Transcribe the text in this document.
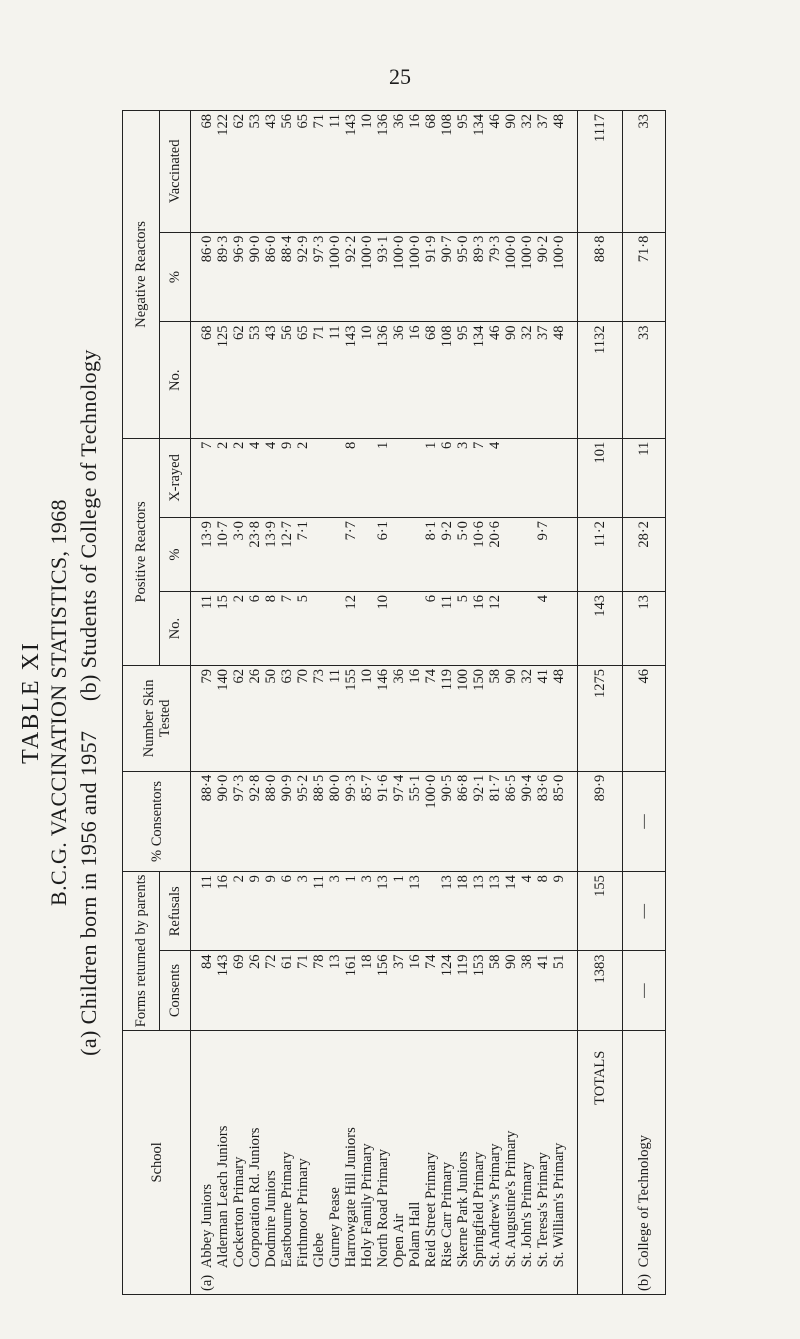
25
TABLE XI B.C.G. VACCINATION STATISTICS, 1968 (a) Children born in 1956 and 1957     (b) Students of College of Technology
School	Forms returned by parents		% Consentors	Number Skin Tested	Positive Reactors			Negative Reactors		
	Consents	Refusals			No.	%	X-rayed	No.	%	Vaccinated
(a) Abbey Juniors	84	11	88·4	79	11	13·9	7	68	86·0	68
Alderman Leach Juniors	143	16	90·0	140	15	10·7	2	125	89·3	122
Cockerton Primary	69	2	97·3	62	2	3·0	2	62	96·9	62
Corporation Rd. Juniors	26	9	92·8	26	6	23·8	4	53	90·0	53
Dodmire Juniors	72	9	88·0	50	8	13·9	4	43	86·0	43
Eastbourne Primary	61	6	90·9	63	7	12·7	9	56	88·4	56
Firthmoor Primary	71	3	95·2	70	5	7·1	2	65	92·9	65
Glebe	78	11	88·5	73				71	97·3	71
Gurney Pease	13	3	80·0	11				11	100·0	11
Harrowgate Hill Juniors	161	1	99·3	155	12	7·7	8	143	92·2	143
Holy Family Primary	18	3	85·7	10				10	100·0	10
North Road Primary	156	13	91·6	146	10	6·1	1	136	93·1	136
Open Air	37	1	97·4	36				36	100·0	36
Polam Hall	16	13	55·1	16				16	100·0	16
Reid Street Primary	74		100·0	74	6	8·1	1	68	91·9	68
Rise Carr Primary	124	13	90·5	119	11	9·2	6	108	90·7	108
Skerne Park Juniors	119	18	86·8	100	5	5·0	3	95	95·0	95
Springfield Primary	153	13	92·1	150	16	10·6	7	134	89·3	134
St. Andrew's Primary	58	13	81·7	58	12	20·6	4	46	79·3	46
St. Augustine's Primary	90	14	86·5	90				90	100·0	90
St. John's Primary	38	4	90·4	32				32	100·0	32
St. Teresa's Primary	41	8	83·6	41	4	9·7		37	90·2	37
St. William's Primary	51	9	85·0	48				48	100·0	48
TOTALS	1383	155	89·9	1275	143	11·2	101	1132	88·8	1117
(b) College of Technology	—	—	—	46	13	28·2	11	33	71·8	33
